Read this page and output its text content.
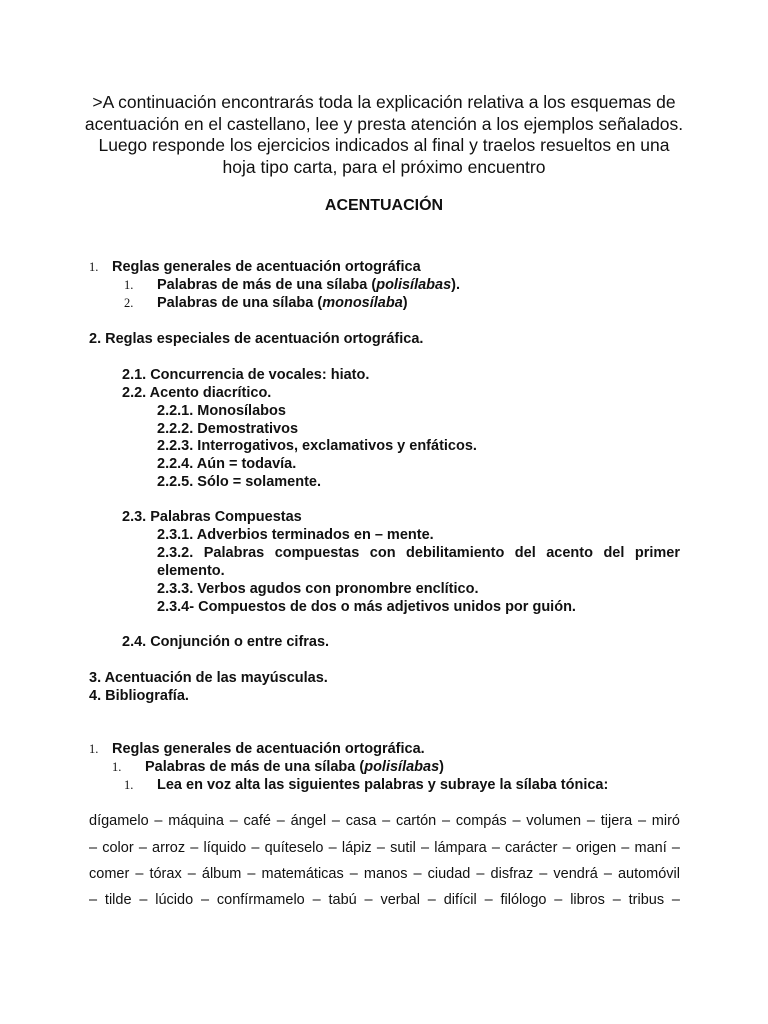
>A continuación encontrarás toda la explicación relativa a los esquemas de acentuación en el castellano, lee y presta atención a los ejemplos señalados. Luego responde los ejercicios indicados al final y traelos resueltos en una hoja tipo carta, para el próximo encuentro

ACENTUACIÓN

1. Reglas generales de acentuación ortográfica

1. Palabras de más de una sílaba (polisílabas).

2. Palabras de una sílaba (monosílaba)

2. Reglas especiales de acentuación ortográfica.

2.1. Concurrencia de vocales: hiato.

2.2. Acento diacrítico.

2.2.1. Monosílabos

2.2.2. Demostrativos

2.2.3. Interrogativos, exclamativos y enfáticos.

2.2.4. Aún = todavía.

2.2.5. Sólo = solamente.

2.3. Palabras Compuestas

2.3.1. Adverbios terminados en – mente.

2.3.2. Palabras compuestas con debilitamiento del acento del primer elemento.

2.3.3. Verbos agudos con pronombre enclítico.

2.3.4- Compuestos de dos o más adjetivos unidos por guión.

2.4. Conjunción o entre cifras.

3. Acentuación de las mayúsculas.

4. Bibliografía.

1. Reglas generales de acentuación ortográfica.

1. Palabras de más de una sílaba (polisílabas)

1. Lea en voz alta las siguientes palabras y subraye la sílaba tónica:

dígamelo – máquina – café – ángel – casa – cartón – compás – volumen – tijera – miró

– color – arroz – líquido – quíteselo – lápiz – sutil – lámpara – carácter – origen – maní –

comer – tórax – álbum – matemáticas – manos – ciudad – disfraz – vendrá – automóvil

– tilde – lúcido – confírmamelo – tabú – verbal – difícil – filólogo – libros – tribus –
